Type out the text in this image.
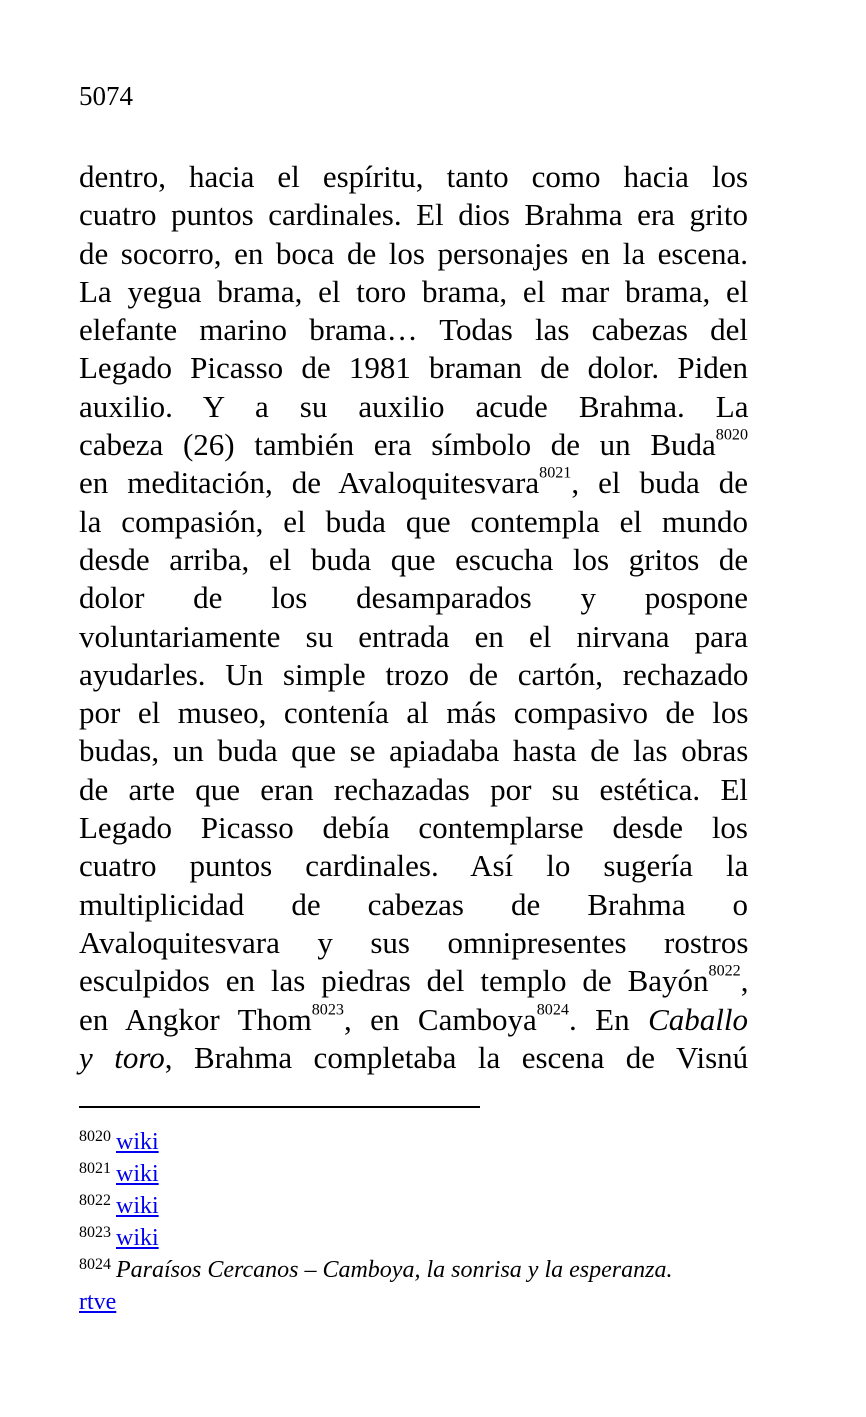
5074
dentro, hacia el espíritu, tanto como hacia los
cuatro puntos cardinales. El dios Brahma era grito
de socorro, en boca de los personajes en la escena.
La yegua brama, el toro brama, el mar brama, el
elefante marino brama… Todas las cabezas del
Legado Picasso de 1981 braman de dolor. Piden
auxilio. Y a su auxilio acude Brahma. La
cabeza (26) también era símbolo de un Buda$^{8020}$
en meditación, de Avaloquitesvara$^{8021}$, el buda de
la compasión, el buda que contempla el mundo
desde arriba, el buda que escucha los gritos de
dolor de los desamparados y pospone
voluntariamente su entrada en el nirvana para
ayudarles. Un simple trozo de cartón, rechazado
por el museo, contenía al más compasivo de los
budas, un buda que se apiadaba hasta de las obras
de arte que eran rechazadas por su estética. El
Legado Picasso debía contemplarse desde los
cuatro puntos cardinales. Así lo sugería la
multiplicidad de cabezas de Brahma o
Avaloquitesvara y sus omnipresentes rostros
esculpidos en las piedras del templo de Bayón$^{8022}$,
en Angkor Thom$^{8023}$, en Camboya$^{8024}$. En Caballo
y toro, Brahma completaba la escena de Visnú
$^{8020}$ wiki
$^{8021}$ wiki
$^{8022}$ wiki
$^{8023}$ wiki
$^{8024}$ Paraísos Cercanos – Camboya, la sonrisa y la esperanza.
rtve
